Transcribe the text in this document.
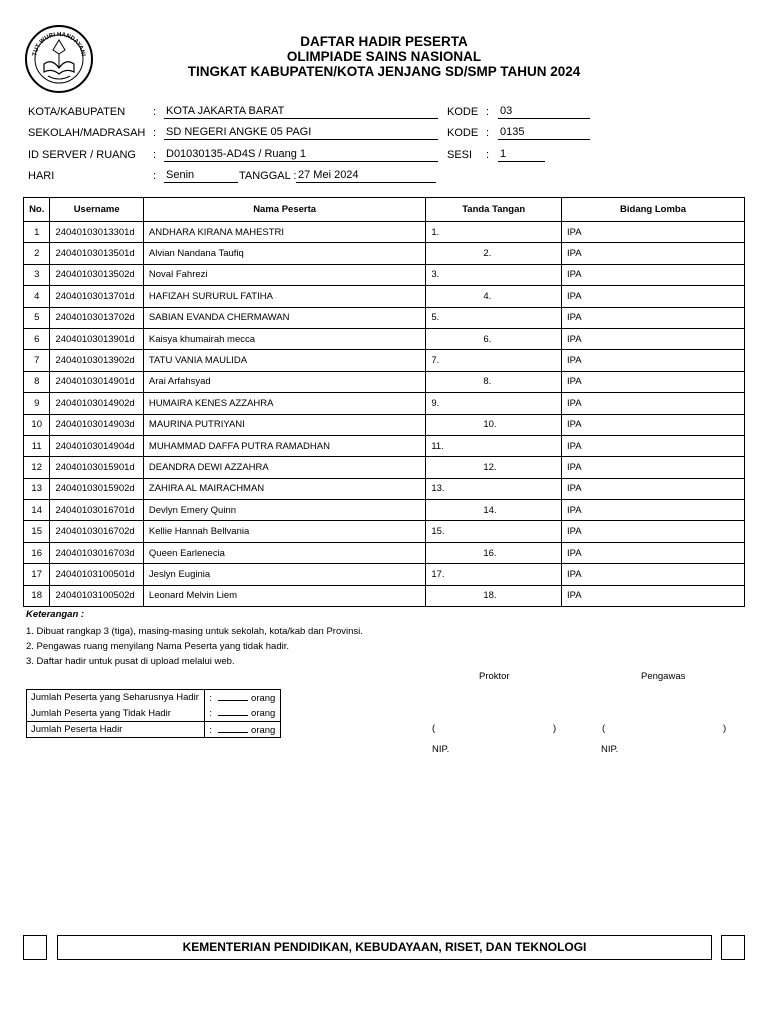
TUT WURI HANDAYANI
DAFTAR HADIR PESERTA
OLIMPIADE SAINS NASIONAL
TINGKAT KABUPATEN/KOTA JENJANG SD/SMP TAHUN 2024
KOTA/KABUPATEN	: KOTA JAKARTA BARAT	KODE : 03
SEKOLAH/MADRASAH : SD NEGERI ANGKE 05 PAGI	KODE : 0135
ID SERVER / RUANG : D01030135-AD4S / Ruang 1	SESI : 1
HARI	: Senin	TANGGAL : 27 Mei 2024
No.	Username	Nama Peserta	Tanda Tangan	Bidang Lomba
1	24040103013301d	ANDHARA KIRANA MAHESTRI	1.	IPA
2	24040103013501d	Alvian Nandana Taufiq	2.	IPA
3	24040103013502d	Noval Fahrezi	3.	IPA
4	24040103013701d	HAFIZAH SURURUL FATIHA	4.	IPA
5	24040103013702d	SABIAN EVANDA CHERMAWAN	5.	IPA
6	24040103013901d	Kaisya khumairah mecca	6.	IPA
7	24040103013902d	TATU VANIA MAULIDA	7.	IPA
8	24040103014901d	Arai Arfahsyad	8.	IPA
9	24040103014902d	HUMAIRA KENES AZZAHRA	9.	IPA
10	24040103014903d	MAURINA PUTRIYANI	10.	IPA
11	24040103014904d	MUHAMMAD DAFFA PUTRA RAMADHAN	11.	IPA
12	24040103015901d	DEANDRA DEWI AZZAHRA	12.	IPA
13	24040103015902d	ZAHIRA AL MAIRACHMAN	13.	IPA
14	24040103016701d	Devlyn Emery Quinn	14.	IPA
15	24040103016702d	Kellie Hannah Bellvania	15.	IPA
16	24040103016703d	Queen Earlenecia	16.	IPA
17	24040103100501d	Jeslyn Euginia	17.	IPA
18	24040103100502d	Leonard Melvin Liem	18.	IPA
Keterangan :
1. Dibuat rangkap 3 (tiga), masing-masing untuk sekolah, kota/kab dan Provinsi.
2. Pengawas ruang menyilang Nama Peserta yang tidak hadir.
3. Daftar hadir untuk pusat di upload melalui web.
Proktor	Pengawas
(	)	(	)
NIP.	NIP.
Jumlah Peserta yang Seharusnya Hadir	: orang
Jumlah Peserta yang Tidak Hadir	: orang
Jumlah Peserta Hadir	: orang
KEMENTERIAN PENDIDIKAN, KEBUDAYAAN, RISET, DAN TEKNOLOGI
